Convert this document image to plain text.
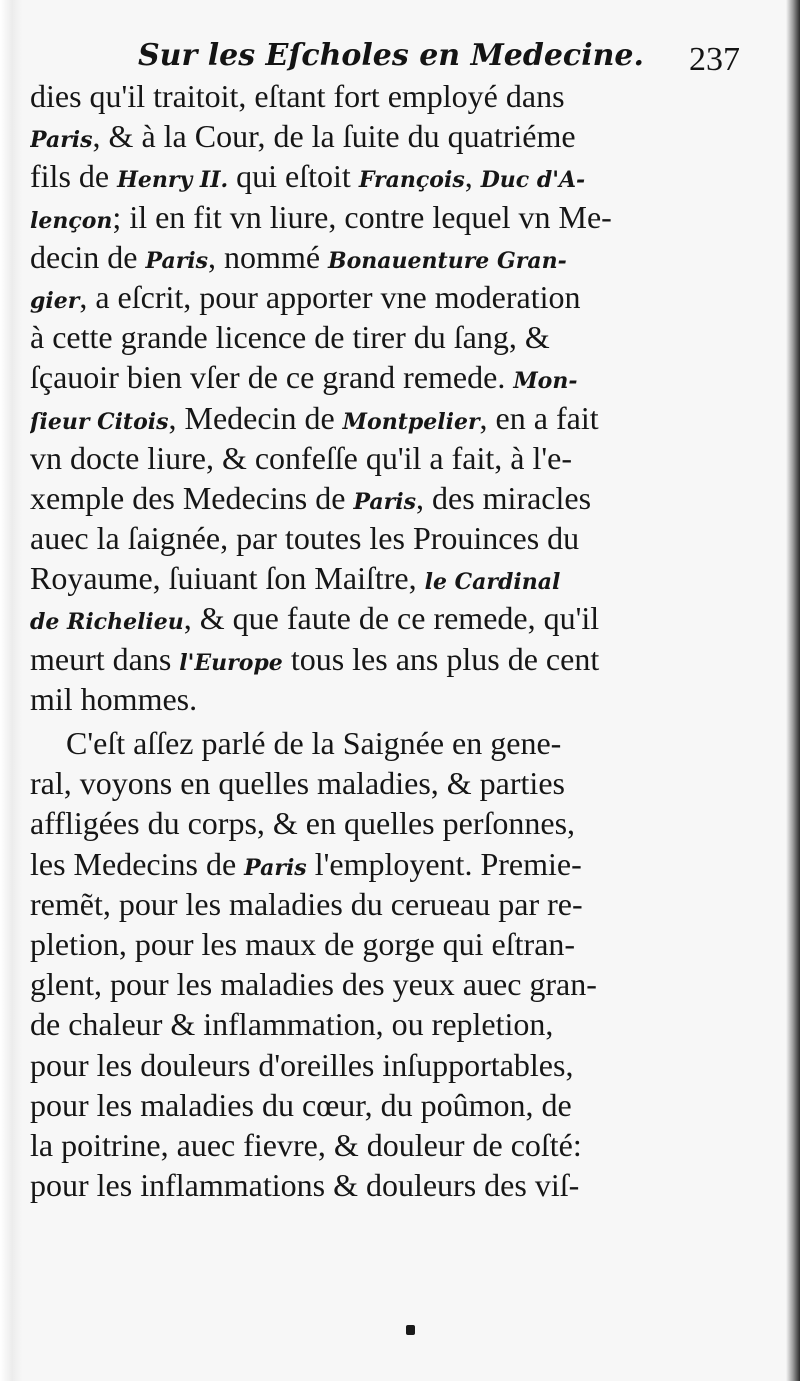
Sur les Eſcholes en Medecine. 237
dies qu'il traitoit, eſtant fort employé dans
Paris, & à la Cour, de la ſuite du quatriéme
fils de Henry II. qui eſtoit François, Duc d'A-
lençon; il en fit vn liure, contre lequel vn Me-
decin de Paris, nommé Bonauenture Gran-
gier, a eſcrit, pour apporter vne moderation
à cette grande licence de tirer du ſang, &
ſçauoir bien vſer de ce grand remede. Mon-
ſieur Citois, Medecin de Montpelier, en a fait
vn docte liure, & confeſſe qu'il a fait, à l'e-
xemple des Medecins de Paris, des miracles
auec la ſaignée, par toutes les Prouinces du
Royaume, ſuiuant ſon Maiſtre, le Cardinal
de Richelieu, & que faute de ce remede, qu'il
meurt dans l'Europe tous les ans plus de cent
mil hommes.
C'eſt aſſez parlé de la Saignée en gene-
ral, voyons en quelles maladies, & parties
affligées du corps, & en quelles perſonnes,
les Medecins de Paris l'employent. Premie-
remẽt, pour les maladies du cerueau par re-
pletion, pour les maux de gorge qui eſtran-
glent, pour les maladies des yeux auec gran-
de chaleur & inflammation, ou repletion,
pour les douleurs d'oreilles inſupportables,
pour les maladies du cœur, du poûmon, de
la poitrine, auec fievre, & douleur de coſté:
pour les inflammations & douleurs des viſ-
